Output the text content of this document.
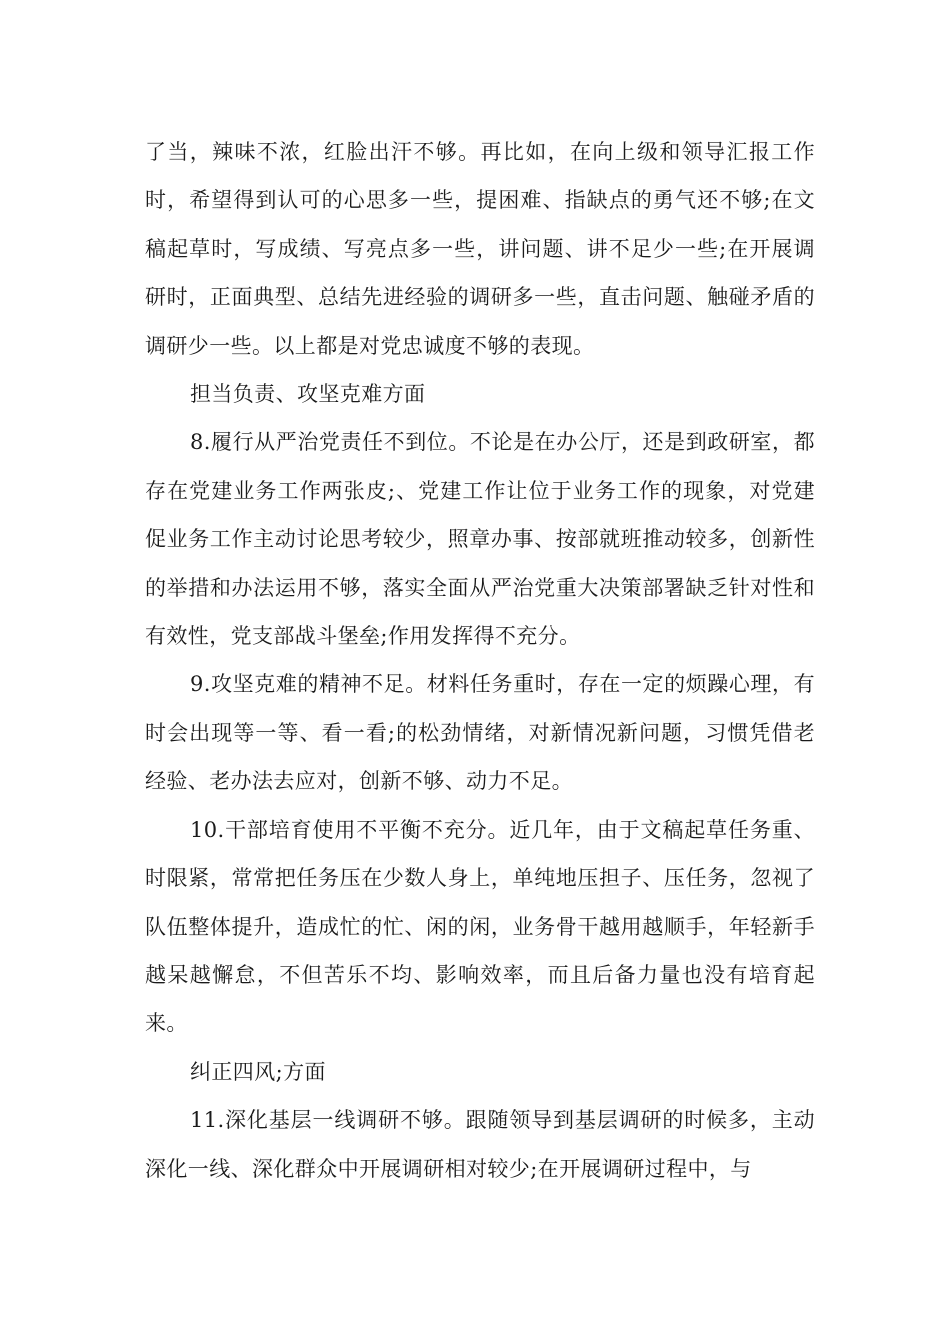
了当，辣味不浓，红脸出汗不够。再比如，在向上级和领导汇报工作时，希望得到认可的心思多一些，提困难、指缺点的勇气还不够;在文稿起草时，写成绩、写亮点多一些，讲问题、讲不足少一些;在开展调研时，正面典型、总结先进经验的调研多一些，直击问题、触碰矛盾的调研少一些。以上都是对党忠诚度不够的表现。

担当负责、攻坚克难方面

8.履行从严治党责任不到位。不论是在办公厅，还是到政研室，都存在党建业务工作两张皮;、党建工作让位于业务工作的现象，对党建促业务工作主动讨论思考较少，照章办事、按部就班推动较多，创新性的举措和办法运用不够，落实全面从严治党重大决策部署缺乏针对性和有效性，党支部战斗堡垒;作用发挥得不充分。

9.攻坚克难的精神不足。材料任务重时，存在一定的烦躁心理，有时会出现等一等、看一看;的松劲情绪，对新情况新问题，习惯凭借老经验、老办法去应对，创新不够、动力不足。

10.干部培育使用不平衡不充分。近几年，由于文稿起草任务重、时限紧，常常把任务压在少数人身上，单纯地压担子、压任务，忽视了队伍整体提升，造成忙的忙、闲的闲，业务骨干越用越顺手，年轻新手越呆越懈怠，不但苦乐不均、影响效率，而且后备力量也没有培育起来。

纠正四风;方面

11.深化基层一线调研不够。跟随领导到基层调研的时候多，主动深化一线、深化群众中开展调研相对较少;在开展调研过程中，与
